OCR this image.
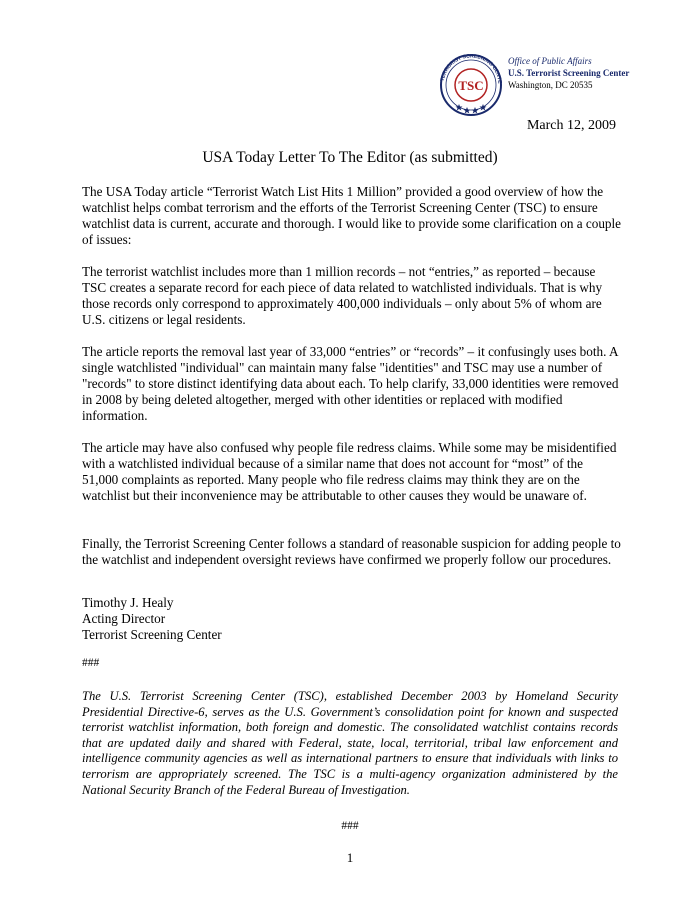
TERRORIST SCREENING CENTE
TSC
Office of Public Affairs
U.S. Terrorist Screening Center
Washington, DC 20535
March 12, 2009
USA Today Letter To The Editor (as submitted)

The USA Today article “Terrorist Watch List Hits 1 Million” provided a good overview of how the watchlist helps combat terrorism and the efforts of the Terrorist Screening Center (TSC) to ensure watchlist data is current, accurate and thorough. I would like to provide some clarification on a couple of issues:

The terrorist watchlist includes more than 1 million records – not “entries,” as reported – because TSC creates a separate record for each piece of data related to watchlisted individuals. That is why those records only correspond to approximately 400,000 individuals – only about 5% of whom are U.S. citizens or legal residents.

The article reports the removal last year of 33,000 “entries” or “records” – it confusingly uses both. A single watchlisted "individual" can maintain many false "identities" and TSC may use a number of "records" to store distinct identifying data about each. To help clarify, 33,000 identities were removed in 2008 by being deleted altogether, merged with other identities or replaced with modified information.

The article may have also confused why people file redress claims. While some may be misidentified with a watchlisted individual because of a similar name that does not account for “most” of the 51,000 complaints as reported. Many people who file redress claims may think they are on the watchlist but their inconvenience may be attributable to other causes they would be unaware of.

Finally, the Terrorist Screening Center follows a standard of reasonable suspicion for adding people to the watchlist and independent oversight reviews have confirmed we properly follow our procedures.

Timothy J. Healy
Acting Director
Terrorist Screening Center
###
The U.S. Terrorist Screening Center (TSC), established December 2003 by Homeland Security Presidential Directive-6, serves as the U.S. Government’s consolidation point for known and suspected terrorist watchlist information, both foreign and domestic. The consolidated watchlist contains records that are updated daily and shared with Federal, state, local, territorial, tribal law enforcement and intelligence community agencies as well as international partners to ensure that individuals with links to terrorism are appropriately screened. The TSC is a multi-agency organization administered by the National Security Branch of the Federal Bureau of Investigation.
###
1
